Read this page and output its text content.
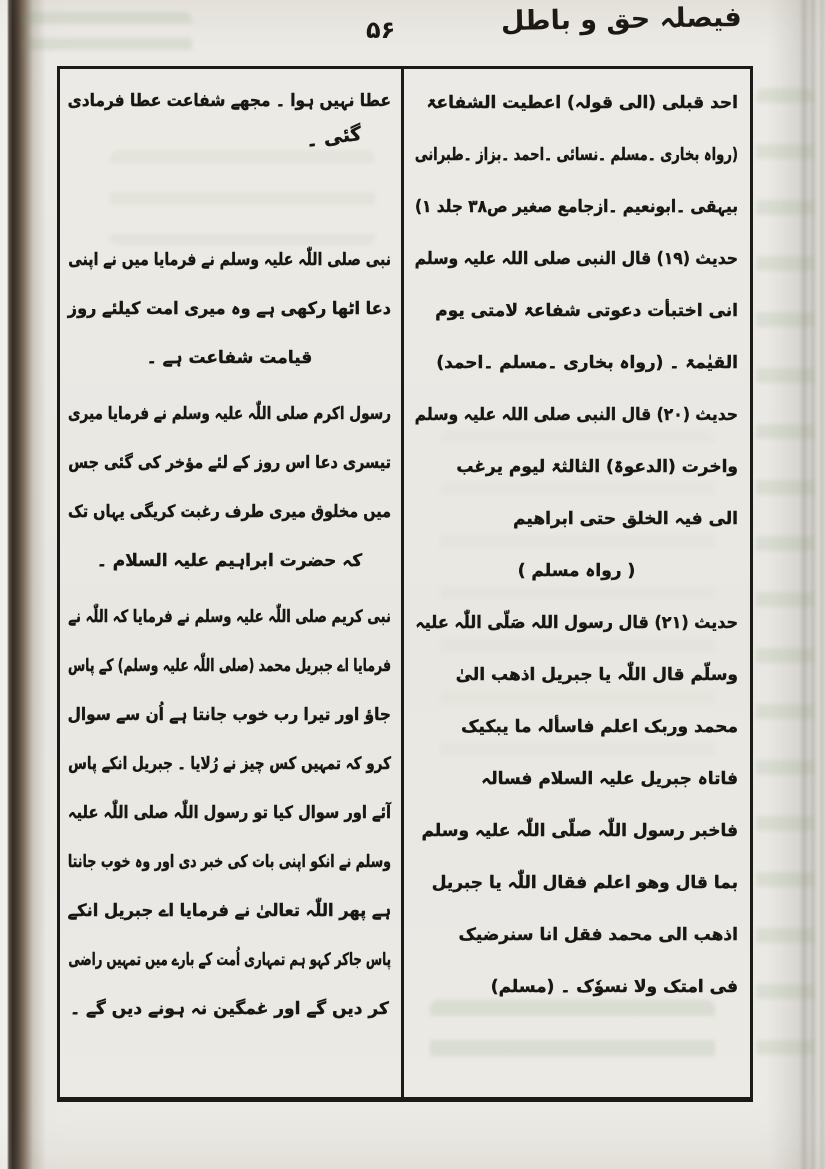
فیصلہ حق و باطل
۵۶
احد قبلی (الی قولہ) اعطیت الشفاعۃ
(رواہ بخاری ۔مسلم ۔نسائی ۔احمد ۔بزاز ۔طبرانی
بیہقی ۔ابونعیم ۔ازجامع صغیر ص۳۸ جلد ۱)
حدیث (۱۹) قال النبی صلی اللہ علیہ وسلم
انی اختبأت دعوتی شفاعۃ لامتی یوم
القیٰمۃ ۔ (رواہ بخاری ۔مسلم ۔احمد)
حدیث (۲۰) قال النبی صلی اللہ علیہ وسلم
واخرت (الدعوۃ) الثالثۃ لیوم یرغب
الی فیہ الخلق حتی ابراھیم
( رواہ مسلم )
حدیث (۲۱) قال رسول اللہ صَلّی اللّٰہ علیہ
وسلّم قال اللّٰہ یا جبریل اذھب الیٰ
محمد وربک اعلم فاسألہ ما یبکیک
فاتاہ جبریل علیہ السلام فسالہ
فاخبر رسول اللّٰہ صلّی اللّٰہ علیہ وسلم
بما قال وھو اعلم فقال اللّٰہ یا جبریل
اذھب الی محمد فقل انا سنرضیک
فی امتک ولا نسوٗک ۔ (مسلم)
عطا نہیں ہوا ۔ مجھے شفاعت عطا فرمادی
گئی ۔
نبی صلی اللّٰہ علیہ وسلم نے فرمایا میں نے اپنی
دعا اٹھا رکھی ہے وہ میری امت کیلئے روز
قیامت شفاعت ہے ۔
رسول اکرم صلی اللّٰہ علیہ وسلم نے فرمایا میری
تیسری دعا اس روز کے لئے مؤخر کی گئی جس
میں مخلوق میری طرف رغبت کریگی یہاں تک
کہ حضرت ابراہیم علیہ السلام ۔
نبی کریم صلی اللّٰہ علیہ وسلم نے فرمایا کہ اللّٰہ نے
فرمایا اے جبریل محمد (صلی اللّٰہ علیہ وسلم) کے پاس
جاؤ اور تیرا رب خوب جانتا ہے اُن سے سوال
کرو کہ تمہیں کس چیز نے رُلایا ۔ جبریل انکے پاس
آئے اور سوال کیا تو رسول اللّٰہ صلی اللّٰہ علیہ
وسلم نے انکو اپنی بات کی خبر دی اور وہ خوب جانتا
ہے پھر اللّٰہ تعالیٰ نے فرمایا اے جبریل انکے
پاس جاکر کہو ہم تمہاری اُمت کے بارے میں تمہیں راضی
کر دیں گے اور غمگین نہ ہونے دیں گے ۔
